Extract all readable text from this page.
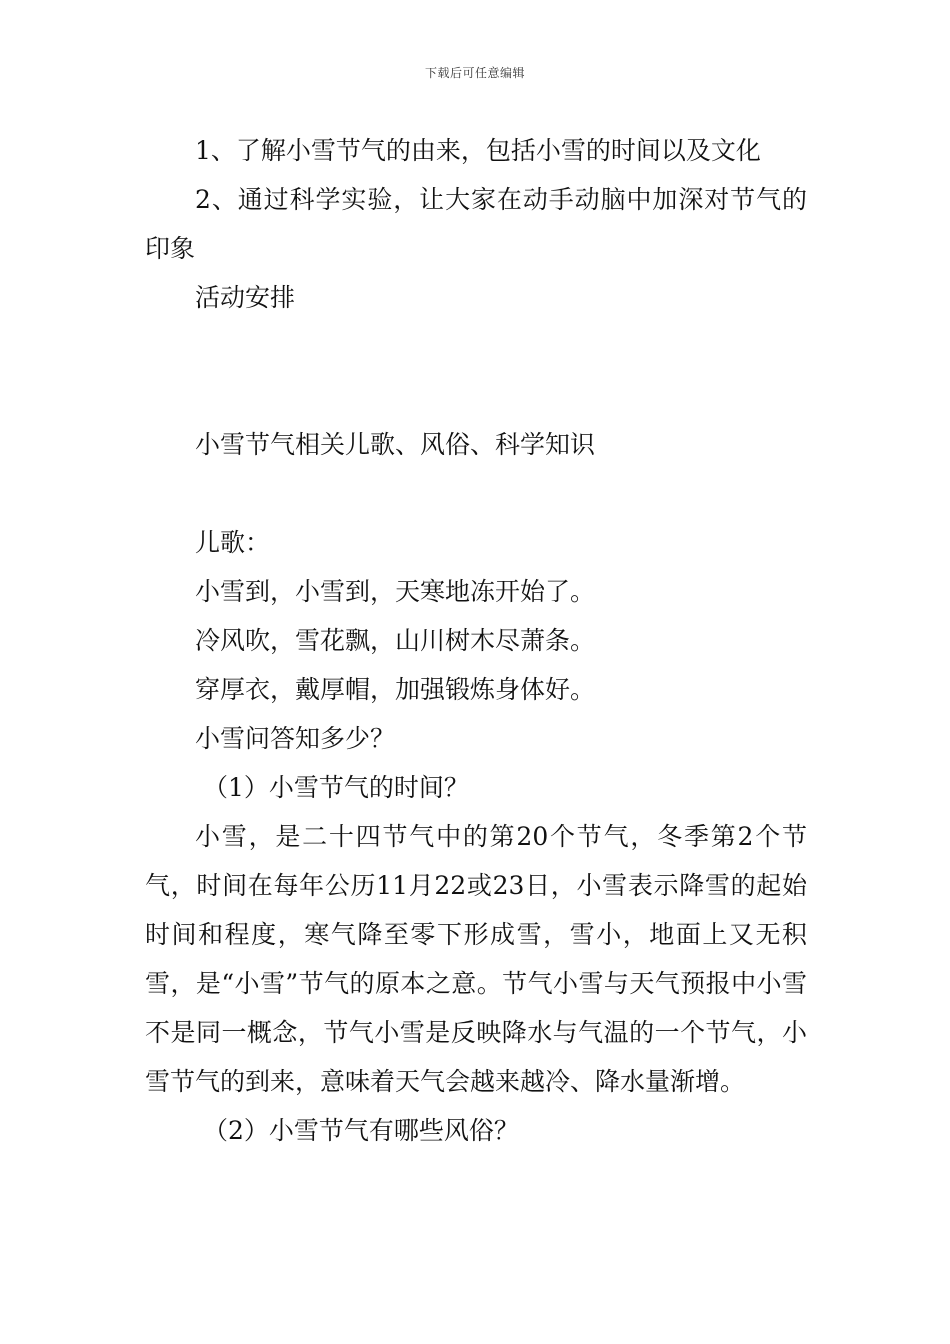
下载后可任意编辑

1、了解小雪节气的由来，包括小雪的时间以及文化

2、通过科学实验，让大家在动手动脑中加深对节气的印象

活动安排

小雪节气相关儿歌、风俗、科学知识

儿歌：

小雪到，小雪到，天寒地冻开始了。

冷风吹，雪花飘，山川树木尽萧条。

穿厚衣，戴厚帽，加强锻炼身体好。

小雪问答知多少？

（1）小雪节气的时间？

小雪，是二十四节气中的第20个节气，冬季第2个节气，时间在每年公历11月22或23日，小雪表示降雪的起始时间和程度，寒气降至零下形成雪，雪小，地面上又无积雪，是“小雪”节气的原本之意。节气小雪与天气预报中小雪不是同一概念，节气小雪是反映降水与气温的一个节气，小雪节气的到来，意味着天气会越来越冷、降水量渐增。

（2）小雪节气有哪些风俗？
